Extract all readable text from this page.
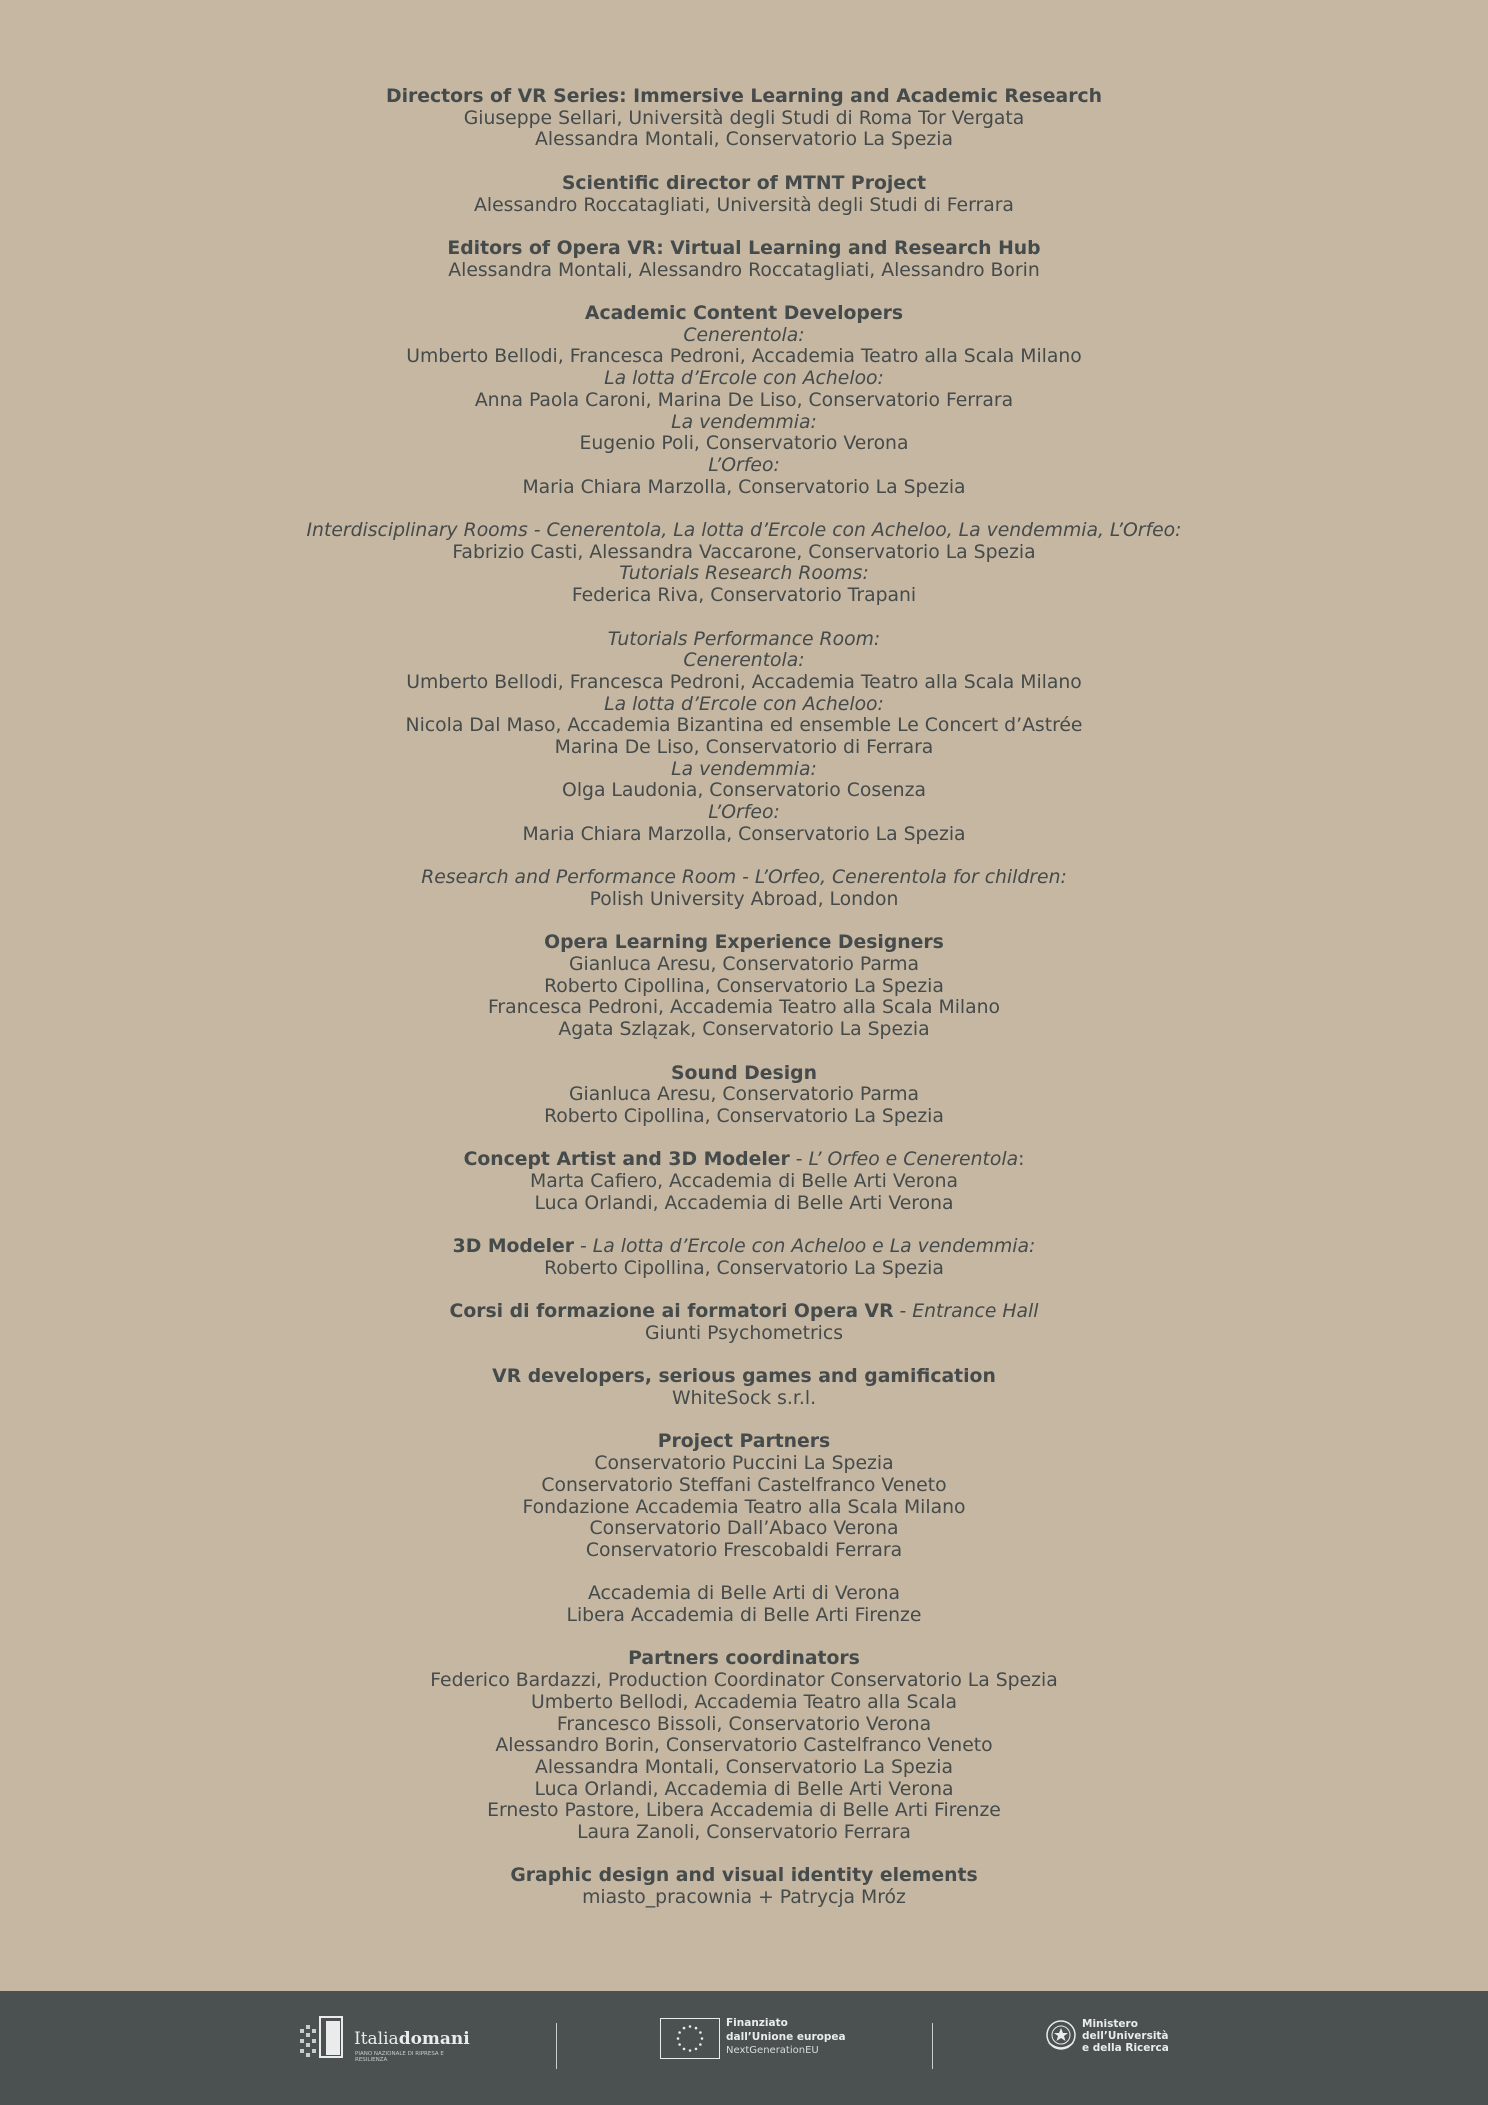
Directors of VR Series: Immersive Learning and Academic Research
Giuseppe Sellari, Università degli Studi di Roma Tor Vergata
Alessandra Montali, Conservatorio La Spezia
Scientific director of MTNT Project
Alessandro Roccatagliati, Università degli Studi di Ferrara
Editors of Opera VR: Virtual Learning and Research Hub
Alessandra Montali, Alessandro Roccatagliati, Alessandro Borin
Academic Content Developers
Cenerentola:
Umberto Bellodi, Francesca Pedroni, Accademia Teatro alla Scala Milano
La lotta d’Ercole con Acheloo:
Anna Paola Caroni, Marina De Liso, Conservatorio Ferrara
La vendemmia:
Eugenio Poli, Conservatorio Verona
L’Orfeo:
Maria Chiara Marzolla, Conservatorio La Spezia
Interdisciplinary Rooms - Cenerentola, La lotta d’Ercole con Acheloo, La vendemmia, L’Orfeo:
Fabrizio Casti, Alessandra Vaccarone, Conservatorio La Spezia
Tutorials Research Rooms:
Federica Riva, Conservatorio Trapani
Tutorials Performance Room:
Cenerentola:
Umberto Bellodi, Francesca Pedroni, Accademia Teatro alla Scala Milano
La lotta d’Ercole con Acheloo:
Nicola Dal Maso, Accademia Bizantina ed ensemble Le Concert d’Astrée
Marina De Liso, Conservatorio di Ferrara
La vendemmia:
Olga Laudonia, Conservatorio Cosenza
L’Orfeo:
Maria Chiara Marzolla, Conservatorio La Spezia
Research and Performance Room - L’Orfeo, Cenerentola for children:
Polish University Abroad, London
Opera Learning Experience Designers
Gianluca Aresu, Conservatorio Parma
Roberto Cipollina, Conservatorio La Spezia
Francesca Pedroni, Accademia Teatro alla Scala Milano
Agata Szlązak, Conservatorio La Spezia
Sound Design
Gianluca Aresu, Conservatorio Parma
Roberto Cipollina, Conservatorio La Spezia
Concept Artist and 3D Modeler - L’ Orfeo e Cenerentola:
Marta Cafiero, Accademia di Belle Arti Verona
Luca Orlandi, Accademia di Belle Arti Verona
3D Modeler - La lotta d’Ercole con Acheloo e La vendemmia:
Roberto Cipollina, Conservatorio La Spezia
Corsi di formazione ai formatori Opera VR - Entrance Hall
Giunti Psychometrics
VR developers, serious games and gamification
WhiteSock s.r.l.
Project Partners
Conservatorio Puccini La Spezia
Conservatorio Steffani Castelfranco Veneto
Fondazione Accademia Teatro alla Scala Milano
Conservatorio Dall’Abaco Verona
Conservatorio Frescobaldi Ferrara
Accademia di Belle Arti di Verona
Libera Accademia di Belle Arti Firenze
Partners coordinators
Federico Bardazzi, Production Coordinator Conservatorio La Spezia
Umberto Bellodi, Accademia Teatro alla Scala
Francesco Bissoli, Conservatorio Verona
Alessandro Borin, Conservatorio Castelfranco Veneto
Alessandra Montali, Conservatorio La Spezia
Luca Orlandi, Accademia di Belle Arti Verona
Ernesto Pastore, Libera Accademia di Belle Arti Firenze
Laura Zanoli, Conservatorio Ferrara
Graphic design and visual identity elements
miasto_pracownia + Patrycja Mróz
Italiadomani
PIANO NAZIONALE DI RIPRESA E RESILIENZA
Finanziato
dall’Unione europea
NextGenerationEU
Ministero
dell’Università
e della Ricerca
